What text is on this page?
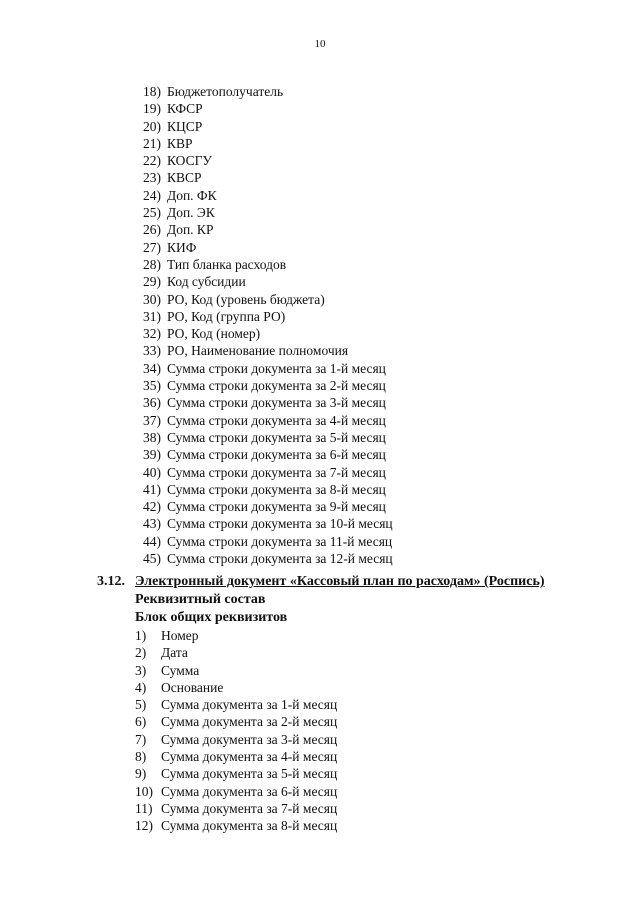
10
18) Бюджетополучатель
19) КФСР
20) КЦСР
21) КВР
22) КОСГУ
23) КВСР
24) Доп. ФК
25) Доп. ЭК
26) Доп. КР
27) КИФ
28) Тип бланка расходов
29) Код субсидии
30) РО, Код (уровень бюджета)
31) РО, Код (группа РО)
32) РО, Код (номер)
33) РО, Наименование полномочия
34) Сумма строки документа за 1-й месяц
35) Сумма строки документа за 2-й месяц
36) Сумма строки документа за 3-й месяц
37) Сумма строки документа за 4-й месяц
38) Сумма строки документа за 5-й месяц
39) Сумма строки документа за 6-й месяц
40) Сумма строки документа за 7-й месяц
41) Сумма строки документа за 8-й месяц
42) Сумма строки документа за 9-й месяц
43) Сумма строки документа за 10-й месяц
44) Сумма строки документа за 11-й месяц
45) Сумма строки документа за 12-й месяц
3.12. Электронный документ «Кассовый план по расходам» (Роспись)
Реквизитный состав
Блок общих реквизитов
1) Номер
2) Дата
3) Сумма
4) Основание
5) Сумма документа за 1-й месяц
6) Сумма документа за 2-й месяц
7) Сумма документа за 3-й месяц
8) Сумма документа за 4-й месяц
9) Сумма документа за 5-й месяц
10) Сумма документа за 6-й месяц
11) Сумма документа за 7-й месяц
12) Сумма документа за 8-й месяц
